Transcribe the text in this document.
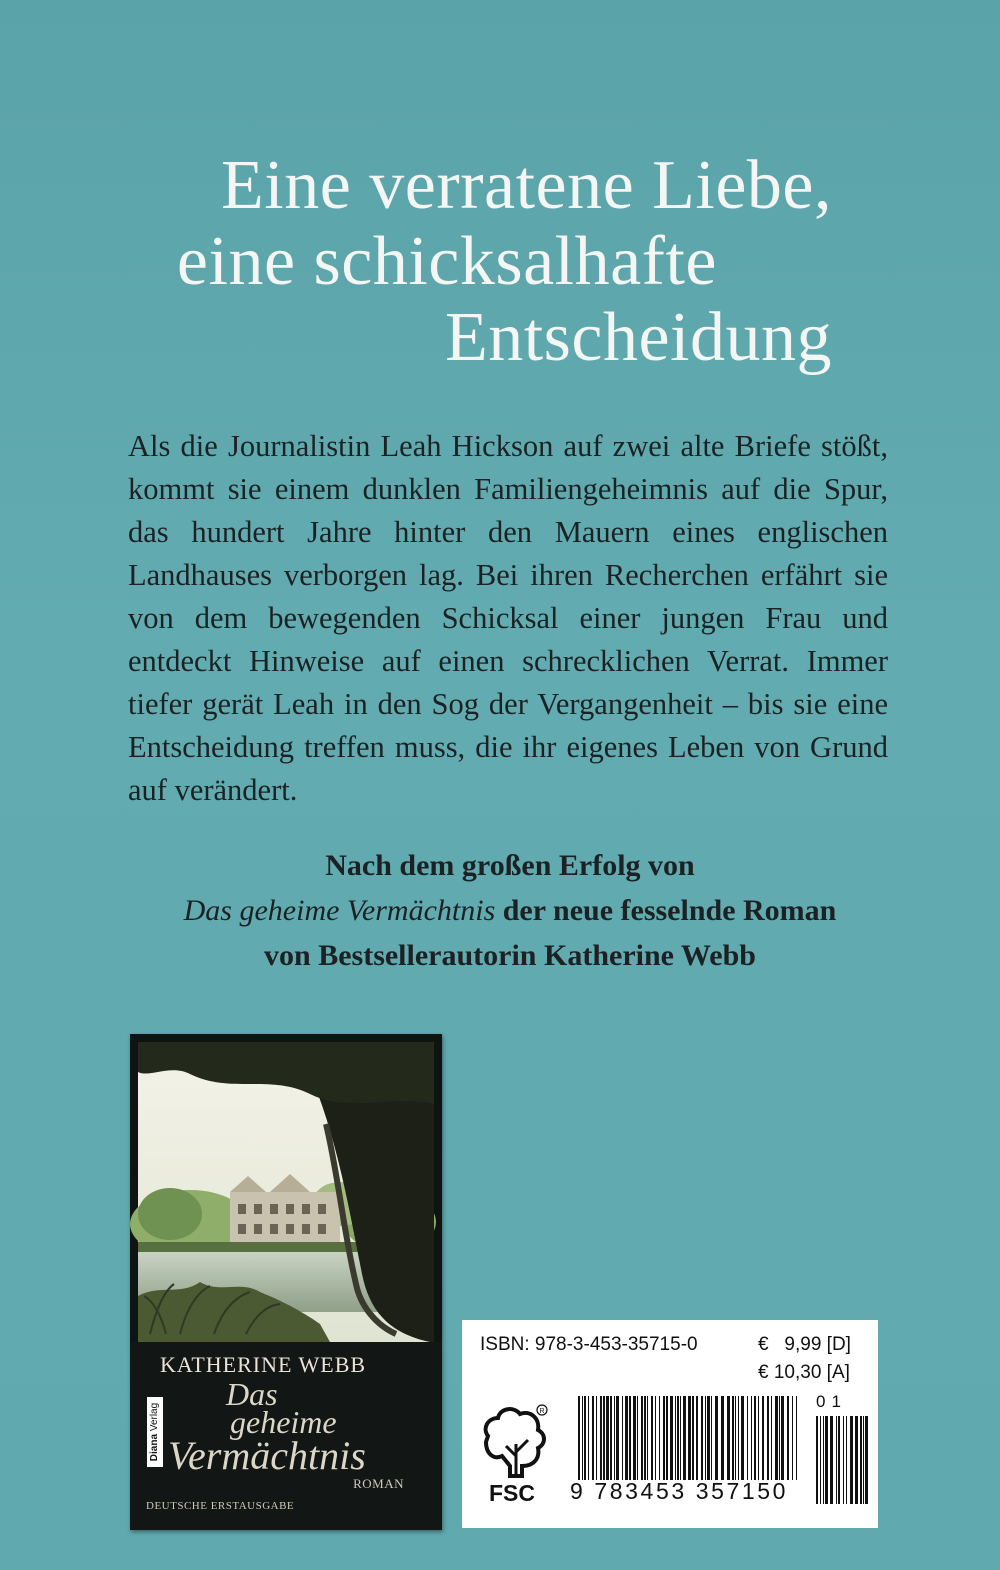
Eine verratene Liebe,
eine schicksalhafte
Entscheidung

Als die Journalistin Leah Hickson auf zwei alte Briefe stößt, kommt sie einem dunklen Familiengeheimnis auf die Spur, das hundert Jahre hinter den Mauern eines englischen Landhauses verborgen lag. Bei ihren Recherchen erfährt sie von dem bewegenden Schicksal einer jungen Frau und entdeckt Hinweise auf einen schrecklichen Verrat. Immer tiefer gerät Leah in den Sog der Vergangenheit – bis sie eine Entscheidung treffen muss, die ihr eigenes Leben von Grund auf verändert.

Nach dem großen Erfolg von
Das geheime Vermächtnis der neue fesselnde Roman
von Bestsellerautorin Katherine Webb
KATHERINE WEBB
Das
geheime
Vermächtnis
ROMAN
DEUTSCHE ERSTAUSGABE
Diana Verlag
ISBN: 978-3-453-35715-0	€   9,99 [D]
€ 10,30 [A]
R
FSC 9 783453 357150
01
